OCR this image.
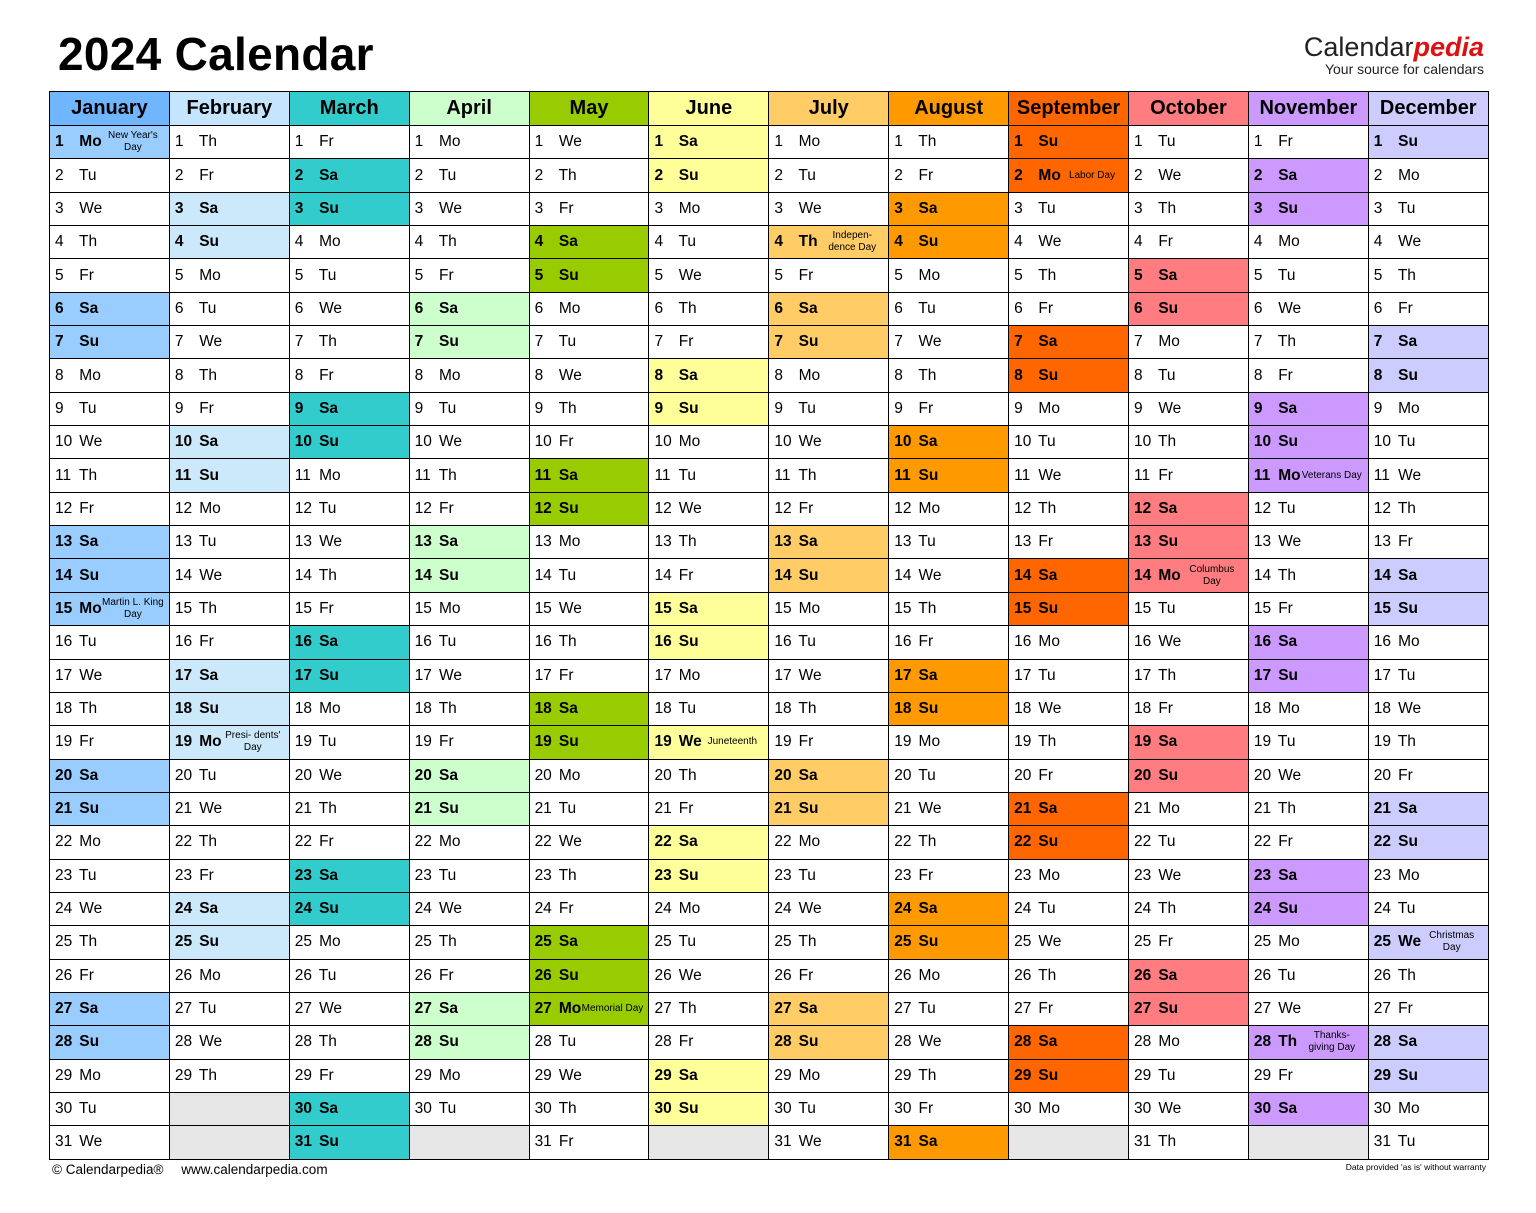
2024 Calendar	Calendarpedia
Your source for calendars
January	February	March	April	May	June	July	August	September	October	November	December

1 Mo New Year's Day	1 Th	1 Fr	1 Mo	1 We	1 Sa	1 Mo	1 Th	1 Su	1 Tu	1 Fr	1 Su

2 Tu	2 Fr	2 Sa	2 Tu	2 Th	2 Su	2 Tu	2 Fr	2 Mo Labor Day	2 We	2 Sa	2 Mo

3 We	3 Sa	3 Su	3 We	3 Fr	3 Mo	3 We	3 Sa	3 Tu	3 Th	3 Su	3 Tu

4 Th	4 Su	4 Mo	4 Th	4 Sa	4 Tu	4 Th Indepen- dence Day	4 Su	4 We	4 Fr	4 Mo	4 We

5 Fr	5 Mo	5 Tu	5 Fr	5 Su	5 We	5 Fr	5 Mo	5 Th	5 Sa	5 Tu	5 Th

6 Sa	6 Tu	6 We	6 Sa	6 Mo	6 Th	6 Sa	6 Tu	6 Fr	6 Su	6 We	6 Fr

7 Su	7 We	7 Th	7 Su	7 Tu	7 Fr	7 Su	7 We	7 Sa	7 Mo	7 Th	7 Sa

8 Mo	8 Th	8 Fr	8 Mo	8 We	8 Sa	8 Mo	8 Th	8 Su	8 Tu	8 Fr	8 Su

9 Tu	9 Fr	9 Sa	9 Tu	9 Th	9 Su	9 Tu	9 Fr	9 Mo	9 We	9 Sa	9 Mo

10 We	10 Sa	10 Su	10 We	10 Fr	10 Mo	10 We	10 Sa	10 Tu	10 Th	10 Su	10 Tu

11 Th	11 Su	11 Mo	11 Th	11 Sa	11 Tu	11 Th	11 Su	11 We	11 Fr	11 Mo Veterans Day	11 We

12 Fr	12 Mo	12 Tu	12 Fr	12 Su	12 We	12 Fr	12 Mo	12 Th	12 Sa	12 Tu	12 Th

13 Sa	13 Tu	13 We	13 Sa	13 Mo	13 Th	13 Sa	13 Tu	13 Fr	13 Su	13 We	13 Fr

14 Su	14 We	14 Th	14 Su	14 Tu	14 Fr	14 Su	14 We	14 Sa	14 Mo Columbus Day	14 Th	14 Sa

15 Mo Martin L. King Day	15 Th	15 Fr	15 Mo	15 We	15 Sa	15 Mo	15 Th	15 Su	15 Tu	15 Fr	15 Su

16 Tu	16 Fr	16 Sa	16 Tu	16 Th	16 Su	16 Tu	16 Fr	16 Mo	16 We	16 Sa	16 Mo

17 We	17 Sa	17 Su	17 We	17 Fr	17 Mo	17 We	17 Sa	17 Tu	17 Th	17 Su	17 Tu

18 Th	18 Su	18 Mo	18 Th	18 Sa	18 Tu	18 Th	18 Su	18 We	18 Fr	18 Mo	18 We

19 Fr	19 Mo Presi- dents' Day	19 Tu	19 Fr	19 Su	19 We Juneteenth	19 Fr	19 Mo	19 Th	19 Sa	19 Tu	19 Th

20 Sa	20 Tu	20 We	20 Sa	20 Mo	20 Th	20 Sa	20 Tu	20 Fr	20 Su	20 We	20 Fr

21 Su	21 We	21 Th	21 Su	21 Tu	21 Fr	21 Su	21 We	21 Sa	21 Mo	21 Th	21 Sa

22 Mo	22 Th	22 Fr	22 Mo	22 We	22 Sa	22 Mo	22 Th	22 Su	22 Tu	22 Fr	22 Su

23 Tu	23 Fr	23 Sa	23 Tu	23 Th	23 Su	23 Tu	23 Fr	23 Mo	23 We	23 Sa	23 Mo

24 We	24 Sa	24 Su	24 We	24 Fr	24 Mo	24 We	24 Sa	24 Tu	24 Th	24 Su	24 Tu

25 Th	25 Su	25 Mo	25 Th	25 Sa	25 Tu	25 Th	25 Su	25 We	25 Fr	25 Mo	25 We Christmas Day

26 Fr	26 Mo	26 Tu	26 Fr	26 Su	26 We	26 Fr	26 Mo	26 Th	26 Sa	26 Tu	26 Th

27 Sa	27 Tu	27 We	27 Sa	27 Mo Memorial Day	27 Th	27 Sa	27 Tu	27 Fr	27 Su	27 We	27 Fr

28 Su	28 We	28 Th	28 Su	28 Tu	28 Fr	28 Su	28 We	28 Sa	28 Mo	28 Th Thanks- giving Day	28 Sa

29 Mo	29 Th	29 Fr	29 Mo	29 We	29 Sa	29 Mo	29 Th	29 Su	29 Tu	29 Fr	29 Su

30 Tu		30 Sa	30 Tu	30 Th	30 Su	30 Tu	30 Fr	30 Mo	30 We	30 Sa	30 Mo

31 We		31 Su		31 Fr		31 We	31 Sa		31 Th		31 Tu
© Calendarpedia® www.calendarpedia.com	Data provided 'as is' without warranty
